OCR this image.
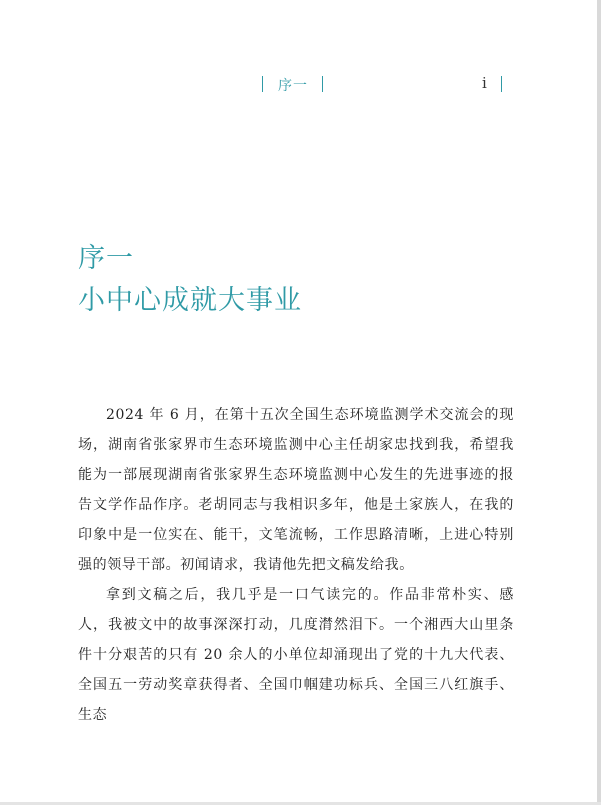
序一	i
序一
小中心成就大事业

2024 年 6 月，在第十五次全国生态环境监测学术交流会的现场，湖南省张家界市生态环境监测中心主任胡家忠找到我，希望我能为一部展现湖南省张家界生态环境监测中心发生的先进事迹的报告文学作品作序。老胡同志与我相识多年，他是土家族人，在我的印象中是一位实在、能干，文笔流畅，工作思路清晰，上进心特别强的领导干部。初闻请求，我请他先把文稿发给我。

拿到文稿之后，我几乎是一口气读完的。作品非常朴实、感人，我被文中的故事深深打动，几度潸然泪下。一个湘西大山里条件十分艰苦的只有 20 余人的小单位却涌现出了党的十九大代表、全国五一劳动奖章获得者、全国巾帼建功标兵、全国三八红旗手、生态
